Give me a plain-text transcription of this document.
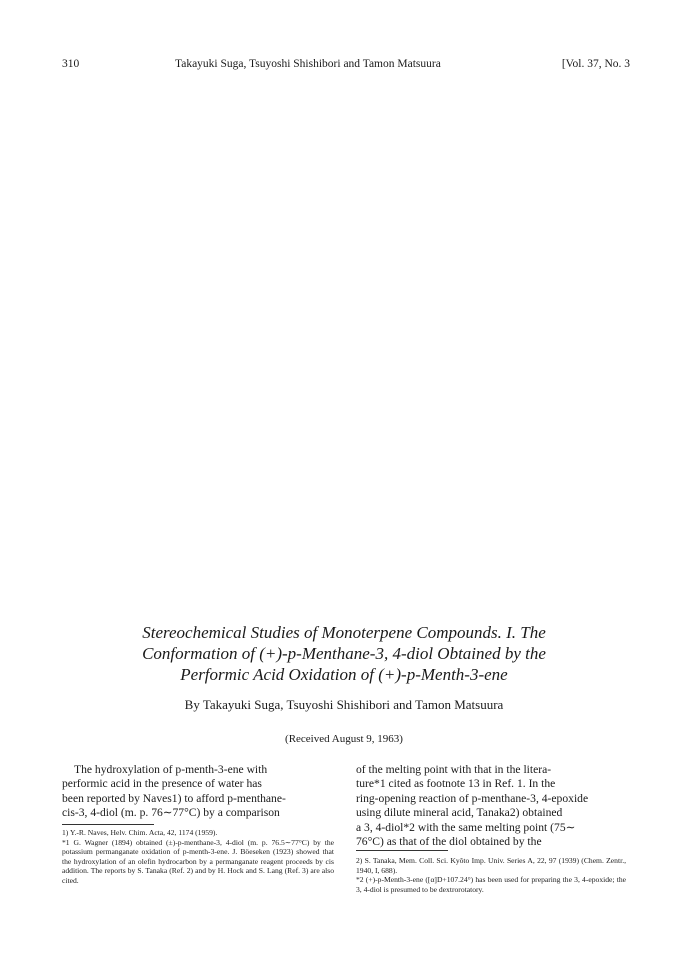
310	Takayuki Suga, Tsuyoshi Shishibori and Tamon Matsuura	[Vol. 37, No. 3
Stereochemical Studies of Monoterpene Compounds. I. The
Conformation of (+)-p-Menthane-3, 4-diol Obtained by the
Performic Acid Oxidation of (+)-p-Menth-3-ene
By Takayuki Suga, Tsuyoshi Shishibori and Tamon Matsuura
(Received August 9, 1963)

The hydroxylation of p-menth-3-ene with

performic acid in the presence of water has

been reported by Naves1) to afford p-menthane-

cis-3, 4-diol (m. p. 76∼77°C) by a comparison

of the melting point with that in the litera-

ture*1 cited as footnote 13 in Ref. 1. In the

ring-opening reaction of p-menthane-3, 4-epoxide

using dilute mineral acid, Tanaka2) obtained

a 3, 4-diol*2 with the same melting point (75∼

76°C) as that of the diol obtained by the

1) Y.-R. Naves, Helv. Chim. Acta, 42, 1174 (1959).

*1 G. Wagner (1894) obtained (±)-p-menthane-3, 4-diol (m. p. 76.5∼77°C) by the potassium permanganate oxidation of p-menth-3-ene. J. Böeseken (1923) showed that the hydroxylation of an olefin hydrocarbon by a permanganate reagent proceeds by cis addition. The reports by S. Tanaka (Ref. 2) and by H. Hock and S. Lang (Ref. 3) are also cited.

2) S. Tanaka, Mem. Coll. Sci. Kyôto Imp. Univ. Series A, 22, 97 (1939) (Chem. Zentr., 1940, I, 688).

*2 (+)-p-Menth-3-ene ([α]D+107.24°) has been used for preparing the 3, 4-epoxide; the 3, 4-diol is presumed to be dextrorotatory.
